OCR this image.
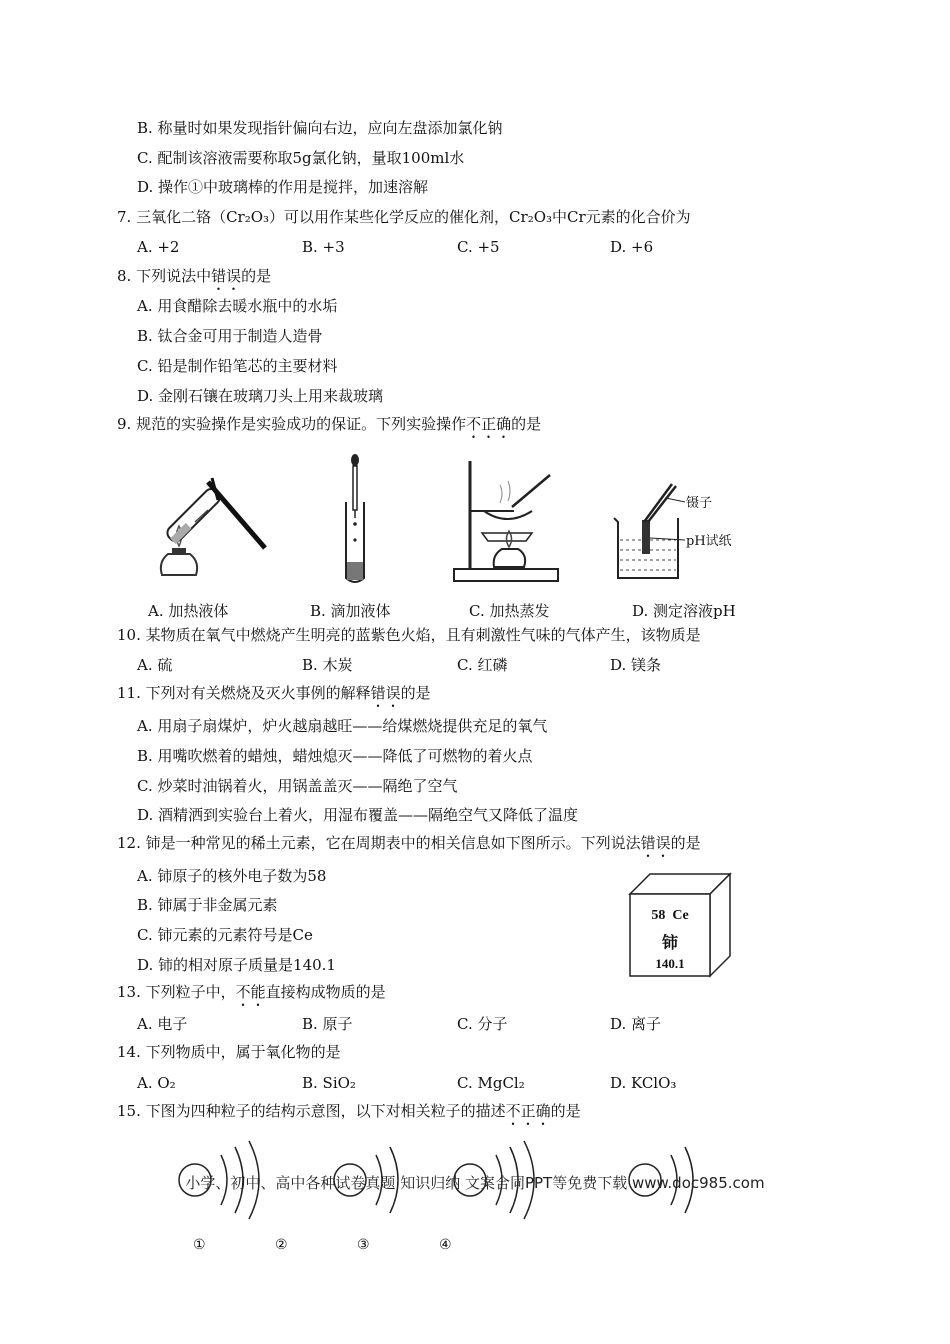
B. 称量时如果发现指针偏向右边，应向左盘添加氯化钠
C. 配制该溶液需要称取5g氯化钠，量取100ml水
D. 操作①中玻璃棒的作用是搅拌，加速溶解
7. 三氧化二铬（Cr₂O₃）可以用作某些化学反应的催化剂，Cr₂O₃中Cr元素的化合价为
A. +2	B. +3	C. +5	D. +6
8. 下列说法中错误的是
A. 用食醋除去暖水瓶中的水垢
B. 钛合金可用于制造人造骨
C. 铅是制作铅笔芯的主要材料
D. 金刚石镶在玻璃刀头上用来裁玻璃
9. 规范的实验操作是实验成功的保证。下列实验操作不正确的是
镊子
pH试纸
A. 加热液体	B. 滴加液体	C. 加热蒸发	D. 测定溶液pH
10. 某物质在氧气中燃烧产生明亮的蓝紫色火焰，且有刺激性气味的气体产生，该物质是
A. 硫	B. 木炭	C. 红磷	D. 镁条
11. 下列对有关燃烧及灭火事例的解释错误的是
A. 用扇子扇煤炉，炉火越扇越旺——给煤燃烧提供充足的氧气
B. 用嘴吹燃着的蜡烛，蜡烛熄灭——降低了可燃物的着火点
C. 炒菜时油锅着火，用锅盖盖灭——隔绝了空气
D. 酒精洒到实验台上着火，用湿布覆盖——隔绝空气又降低了温度
12. 铈是一种常见的稀土元素，它在周期表中的相关信息如下图所示。下列说法错误的是
A. 铈原子的核外电子数为58
B. 铈属于非金属元素
C. 铈元素的元素符号是Ce
D. 铈的相对原子质量是140.1
58 Ce
铈
140.1
13. 下列粒子中，不能直接构成物质的是
A. 电子	B. 原子	C. 分子	D. 离子
14. 下列物质中，属于氧化物的是
A. O₂	B. SiO₂	C. MgCl₂	D. KClO₃
15. 下图为四种粒子的结构示意图，以下对相关粒子的描述不正确的是
小学、初中、高中各种试卷真题 知识归纳 文案合同PPT等免费下载 www.doc985.com
①	②	③	④
